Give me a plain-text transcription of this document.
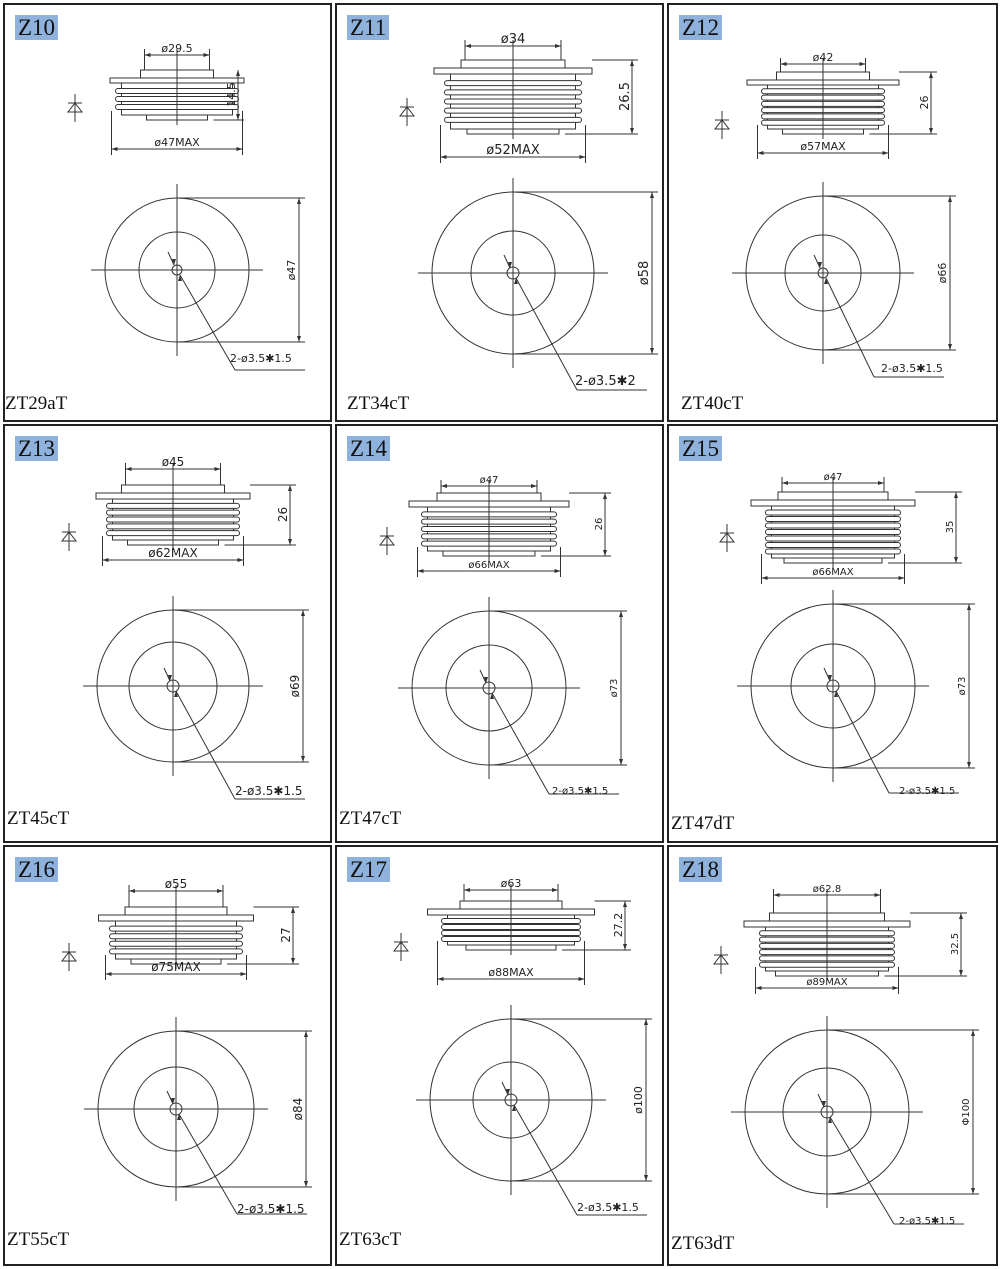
ø29.5
ø47MAX
14.5
ø47
2-ø3.5✱1.5
Z10
ZT29aT
ø34
ø52MAX
26.5
ø58
2-ø3.5✱2
Z11
ZT34cT
ø42
ø57MAX
26
ø66
2-ø3.5✱1.5
Z12
ZT40cT
ø45
ø62MAX
26
ø69
2-ø3.5✱1.5
Z13
ZT45cT
ø47
ø66MAX
26
ø73
2-ø3.5✱1.5
Z14
ZT47cT
ø47
ø66MAX
35
ø73
2-ø3.5✱1.5
Z15
ZT47dT
ø55
ø75MAX
27
ø84
2-ø3.5✱1.5
Z16
ZT55cT
ø63
ø88MAX
27.2
ø100
2-ø3.5✱1.5
Z17
ZT63cT
ø62.8
ø89MAX
32.5
Φ100
2-ø3.5✱1.5
Z18
ZT63dT
